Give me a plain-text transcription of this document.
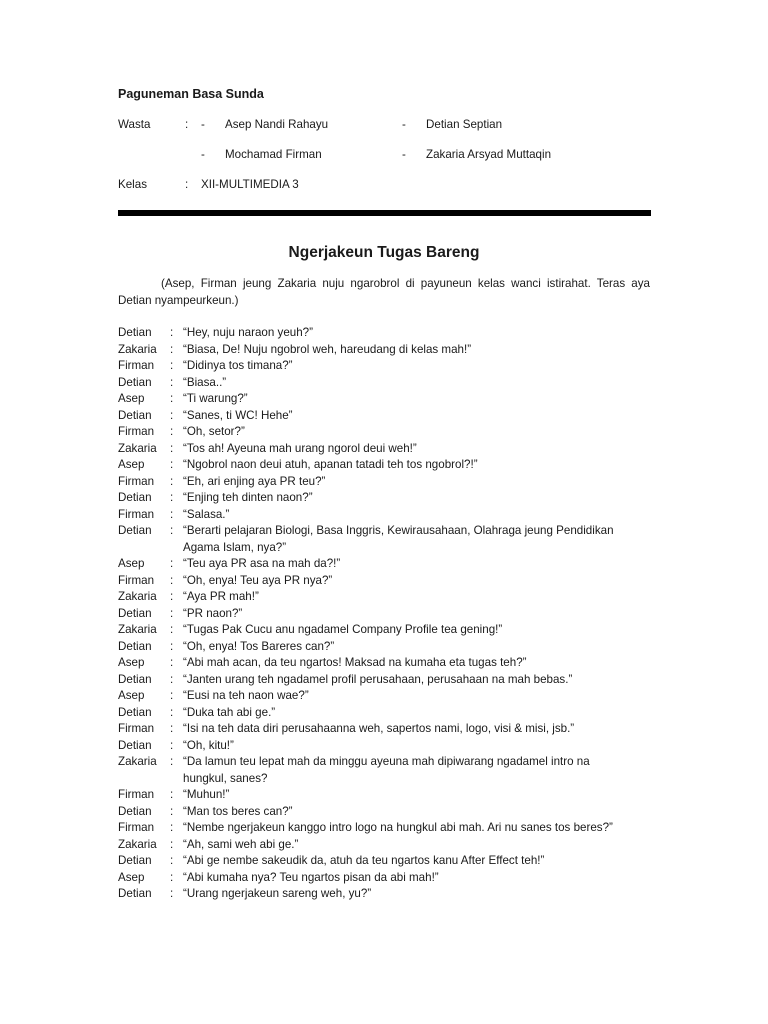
Paguneman Basa Sunda
Wasta	: - Asep Nandi Rahayu	- Detian Septian
- Mochamad Firman	- Zakaria Arsyad Muttaqin
Kelas	: XII-MULTIMEDIA 3
Ngerjakeun Tugas Bareng
(Asep, Firman jeung Zakaria nuju ngarobrol di payuneun kelas wanci istirahat. Teras aya
Detian nyampeurkeun.)
Detian	: “Hey, nuju naraon yeuh?”
Zakaria	: “Biasa, De! Nuju ngobrol weh, hareudang di kelas mah!”
Firman	: “Didinya tos timana?”
Detian	: “Biasa..”
Asep	: “Ti warung?”
Detian	: “Sanes, ti WC! Hehe”
Firman	: “Oh, setor?”
Zakaria	: “Tos ah! Ayeuna mah urang ngorol deui weh!”
Asep	: “Ngobrol naon deui atuh, apanan tatadi teh tos ngobrol?!”
Firman	: “Eh, ari enjing aya PR teu?”
Detian	: “Enjing teh dinten naon?”
Firman	: “Salasa.”
Detian	: “Berarti pelajaran Biologi, Basa Inggris, Kewirausahaan, Olahraga jeung Pendidikan
Agama Islam, nya?”
Asep	: “Teu aya PR asa na mah da?!”
Firman	: “Oh, enya! Teu aya PR nya?”
Zakaria	: “Aya PR mah!”
Detian	: “PR naon?”
Zakaria	: “Tugas Pak Cucu anu ngadamel Company Profile tea gening!”
Detian	: “Oh, enya! Tos Bareres can?”
Asep	: “Abi mah acan, da teu ngartos! Maksad na kumaha eta tugas teh?”
Detian	: “Janten urang teh ngadamel profil perusahaan, perusahaan na mah bebas.”
Asep	: “Eusi na teh naon wae?”
Detian	: “Duka tah abi ge.”
Firman	: “Isi na teh data diri perusahaanna weh, sapertos nami, logo, visi & misi, jsb.”
Detian	: “Oh, kitu!”
Zakaria	: “Da lamun teu lepat mah da minggu ayeuna mah dipiwarang ngadamel intro na
hungkul, sanes?
Firman	: “Muhun!”
Detian	: “Man tos beres can?”
Firman	: “Nembe ngerjakeun kanggo intro logo na hungkul abi mah. Ari nu sanes tos beres?”
Zakaria	: “Ah, sami weh abi ge.”
Detian	: “Abi ge nembe sakeudik da, atuh da teu ngartos kanu After Effect teh!”
Asep	: “Abi kumaha nya? Teu ngartos pisan da abi mah!”
Detian	: “Urang ngerjakeun sareng weh, yu?”
